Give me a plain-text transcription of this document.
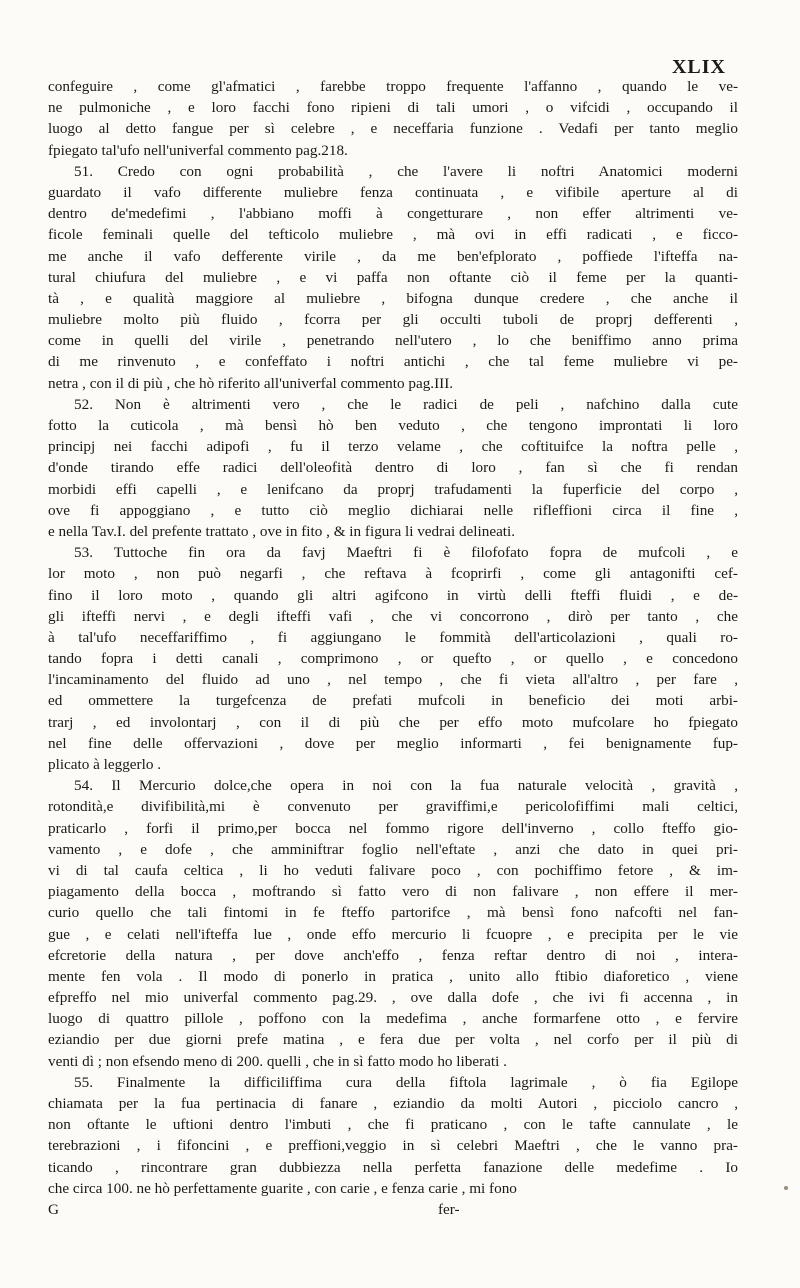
XLIX
confeguire , come gl'afmatici , farebbe troppo frequente l'affanno , quando le ve-
ne pulmoniche , e loro facchi fono ripieni di tali umori , o vifcidi , occupando il
luogo al detto fangue per sì celebre , e neceffaria funzione . Vedafi per tanto meglio
fpiegato tal'ufo nell'univerfal commento pag.218.
51. Credo con ogni probabilità , che l'avere li noftri Anatomici moderni
guardato il vafo differente muliebre fenza continuata , e vifibile aperture al di
dentro de'medefimi , l'abbiano moffi à congetturare , non effer altrimenti ve-
ficole feminali quelle del tefticolo muliebre , mà ovi in effi radicati , e ficco-
me anche il vafo defferente virile , da me ben'efplorato , poffiede l'ifteffa na-
tural chiufura del muliebre , e vi paffa non oftante ciò il feme per la quanti-
tà , e qualità maggiore al muliebre , bifogna dunque credere , che anche il
muliebre molto più fluido , fcorra per gli occulti tuboli de proprj defferenti ,
come in quelli del virile , penetrando nell'utero , lo che beniffimo anno prima
di me rinvenuto , e confeffato i noftri antichi , che tal feme muliebre vi pe-
netra , con il di più , che hò riferito all'univerfal commento pag.III.
52. Non è altrimenti vero , che le radici de peli , nafchino dalla cute
fotto la cuticola , mà bensì hò ben veduto , che tengono improntati li loro
principj nei facchi adipofi , fu il terzo velame , che coftituifce la noftra pelle ,
d'onde tirando effe radici dell'oleofità dentro di loro , fan sì che fi rendan
morbidi effi capelli , e lenifcano da proprj trafudamenti la fuperficie del corpo ,
ove fi appoggiano , e tutto ciò meglio dichiarai nelle rifleffioni circa il fine ,
e nella Tav.I. del prefente trattato , ove in fito , & in figura li vedrai delineati.
53. Tuttoche fin ora da favj Maeftri fi è filofofato fopra de mufcoli , e
lor moto , non può negarfi , che reftava à fcoprirfi , come gli antagonifti cef-
fino il loro moto , quando gli altri agifcono in virtù delli fteffi fluidi , e de-
gli ifteffi nervi , e degli ifteffi vafi , che vi concorrono , dirò per tanto , che
à tal'ufo neceffariffimo , fi aggiungano le fommità dell'articolazioni , quali ro-
tando fopra i detti canali , comprimono , or quefto , or quello , e concedono
l'incaminamento del fluido ad uno , nel tempo , che fi vieta all'altro , per fare ,
ed ommettere la turgefcenza de prefati mufcoli in beneficio dei moti arbi-
trarj , ed involontarj , con il di più che per effo moto mufcolare ho fpiegato
nel fine delle offervazioni , dove per meglio informarti , fei benignamente fup-
plicato à leggerlo .
54. Il Mercurio dolce,che opera in noi con la fua naturale velocità , gravità ,
rotondità,e divifibilità,mi è convenuto per graviffimi,e pericolofiffimi mali celtici,
praticarlo , forfi il primo,per bocca nel fommo rigore dell'inverno , collo fteffo gio-
vamento , e dofe , che amminiftrar foglio nell'eftate , anzi che dato in quei pri-
vi di tal caufa celtica , li ho veduti falivare poco , con pochiffimo fetore , & im-
piagamento della bocca , moftrando sì fatto vero di non falivare , non effere il mer-
curio quello che tali fintomi in fe fteffo partorifce , mà bensì fono nafcofti nel fan-
gue , e celati nell'ifteffa lue , onde effo mercurio li fcuopre , e precipita per le vie
efcretorie della natura , per dove anch'effo , fenza reftar dentro di noi , intera-
mente fen vola . Il modo di ponerlo in pratica , unito allo ftibio diaforetico , viene
efpreffo nel mio univerfal commento pag.29. , ove dalla dofe , che ivi fi accenna , in
luogo di quattro pillole , poffono con la medefima , anche formarfene otto , e fervire
eziandio per due giorni prefe matina , e fera due per volta , nel corfo per il più di
venti dì ; non efsendo meno di 200. quelli , che in sì fatto modo ho liberati .
55. Finalmente la difficiliffima cura della fiftola lagrimale , ò fia Egilope
chiamata per la fua pertinacia di fanare , eziandio da molti Autori , picciolo cancro ,
non oftante le uftioni dentro l'imbuti , che fi praticano , con le tafte cannulate , le
terebrazioni , i fifoncini , e preffioni,veggio in sì celebri Maeftri , che le vanno pra-
ticando , rincontrare gran dubbiezza nella perfetta fanazione delle medefime . Io
che circa 100. ne hò perfettamente guarite , con carie , e fenza carie , mi fono
G	fer-
